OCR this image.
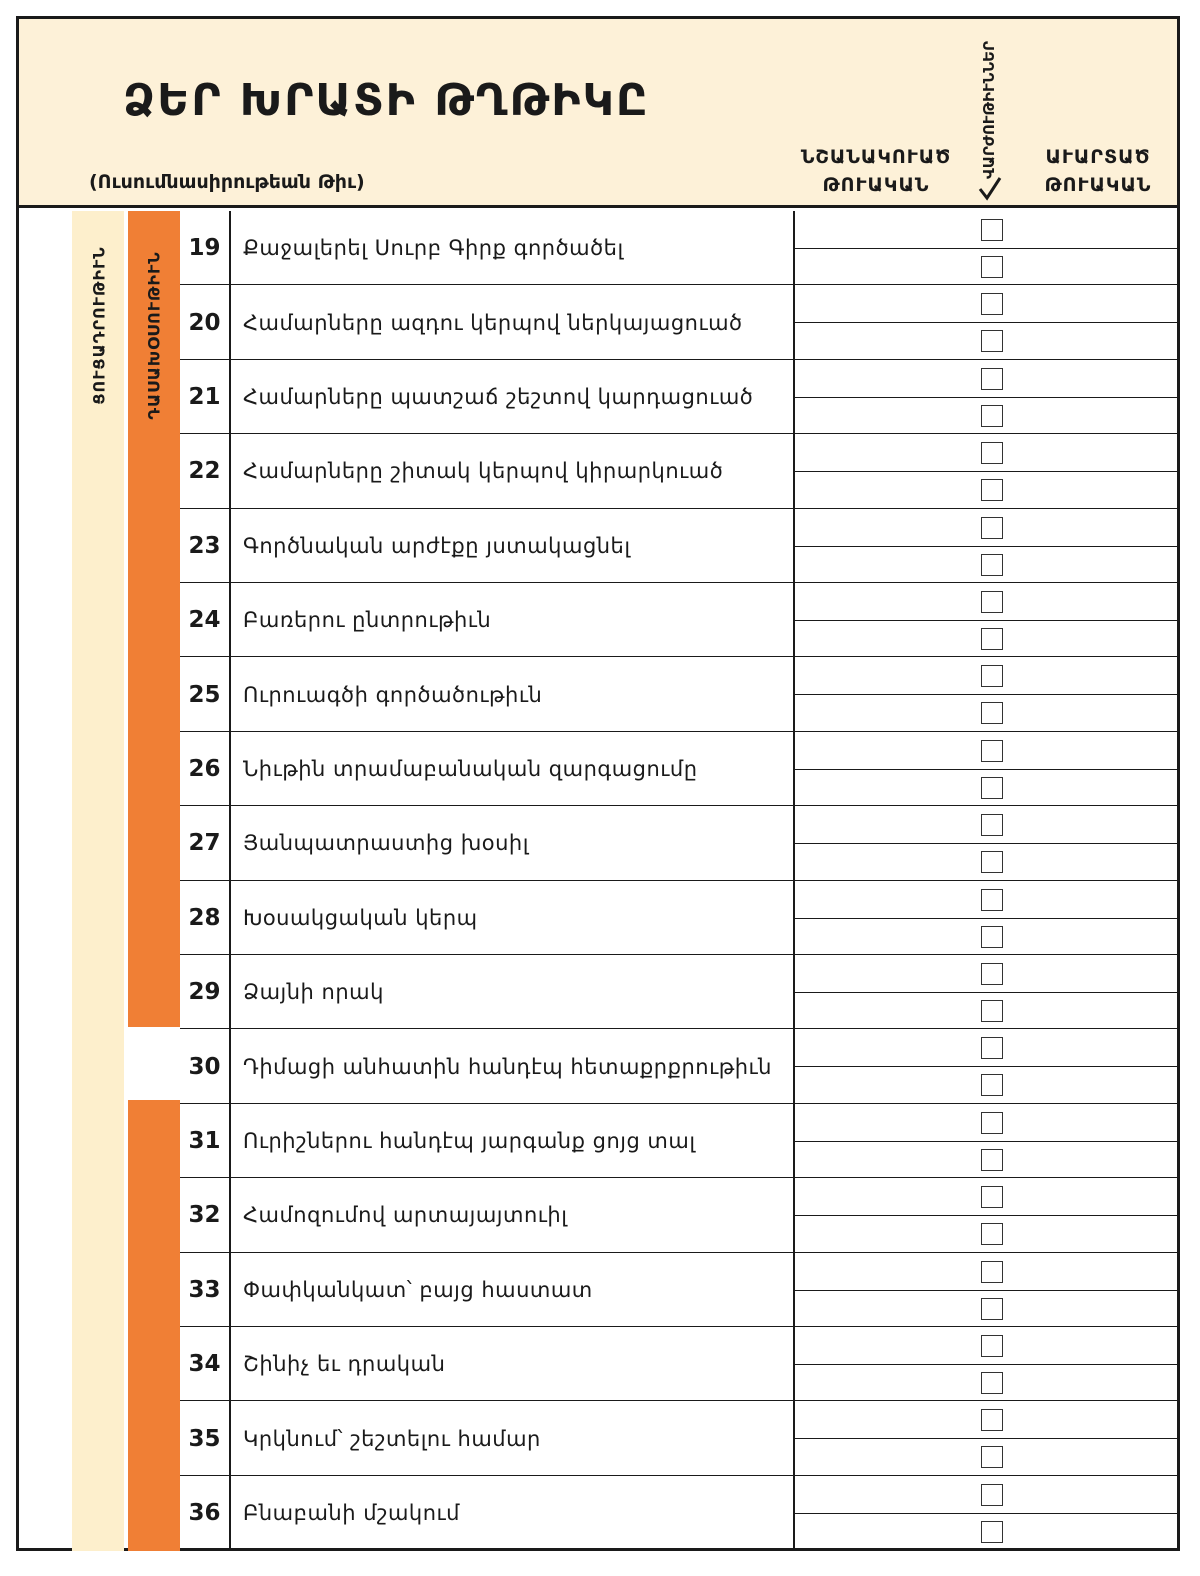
ՁԵՐ ԽՐԱՏԻ ԹՂԹԻԿԸ
(Ուսումնասիրութեան Թիւ)
ՆՇԱՆԱԿՈՒԱԾ
ԹՈՒԱԿԱՆ
ՎԱՐԺՈՒԹԻՒՆՆԵՐ	ԱՒԱՐՏԱԾ
ԹՈՒԱԿԱՆ
ՑՈՒՑԱԴՐՈՒԹԻՒՆ ԴԱՍԱԽՕՍՈՒԹԻՒՆ
19	Քաջալերել Սուրբ Գիրք գործածել
20	Համարները ազդու կերպով ներկայացուած
21	Համարները պատշաճ շեշտով կարդացուած
22	Համարները շիտակ կերպով կիրարկուած
23	Գործնական արժէքը յստակացնել
24	Բառերու ընտրութիւն
25	Ուրուագծի գործածութիւն
26	Նիւթին տրամաբանական զարգացումը
27	Յանպատրաստից խօսիլ
28	Խօսակցական կերպ
29	Ձայնի որակ
30	Դիմացի անհատին հանդէպ հետաքրքրութիւն
31	Ուրիշներու հանդէպ յարգանք ցոյց տալ
32	Համոզումով արտայայտուիլ
33	Փափկանկատ՝ բայց հաստատ
34	Շինիչ եւ դրական
35	Կրկնում՝ շեշտելու համար
36	Բնաբանի մշակում
